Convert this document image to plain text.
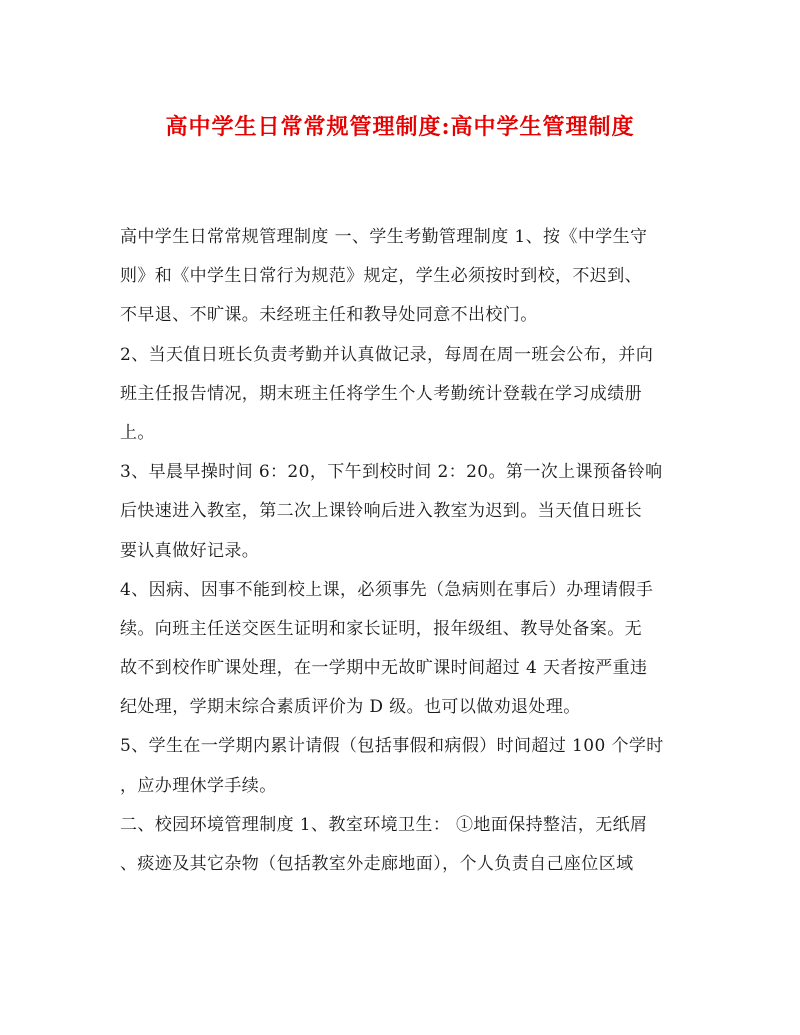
高中学生日常常规管理制度:高中学生管理制度
高中学生日常常规管理制度 一、学生考勤管理制度 1、按《中学生守
则》和《中学生日常行为规范》规定，学生必须按时到校，不迟到、
不早退、不旷课。未经班主任和教导处同意不出校门。
2、当天值日班长负责考勤并认真做记录，每周在周一班会公布，并向
班主任报告情况，期末班主任将学生个人考勤统计登载在学习成绩册
上。
3、早晨早操时间 6：20，下午到校时间 2：20。第一次上课预备铃响
后快速进入教室，第二次上课铃响后进入教室为迟到。当天值日班长
要认真做好记录。
4、因病、因事不能到校上课，必须事先（急病则在事后）办理请假手
续。向班主任送交医生证明和家长证明，报年级组、教导处备案。无
故不到校作旷课处理，在一学期中无故旷课时间超过 4 天者按严重违
纪处理，学期末综合素质评价为 D 级。也可以做劝退处理。
5、学生在一学期内累计请假（包括事假和病假）时间超过 100 个学时
，应办理休学手续。
二、校园环境管理制度 1、教室环境卫生： ①地面保持整洁，无纸屑
、痰迹及其它杂物（包括教室外走廊地面），个人负责自己座位区域
